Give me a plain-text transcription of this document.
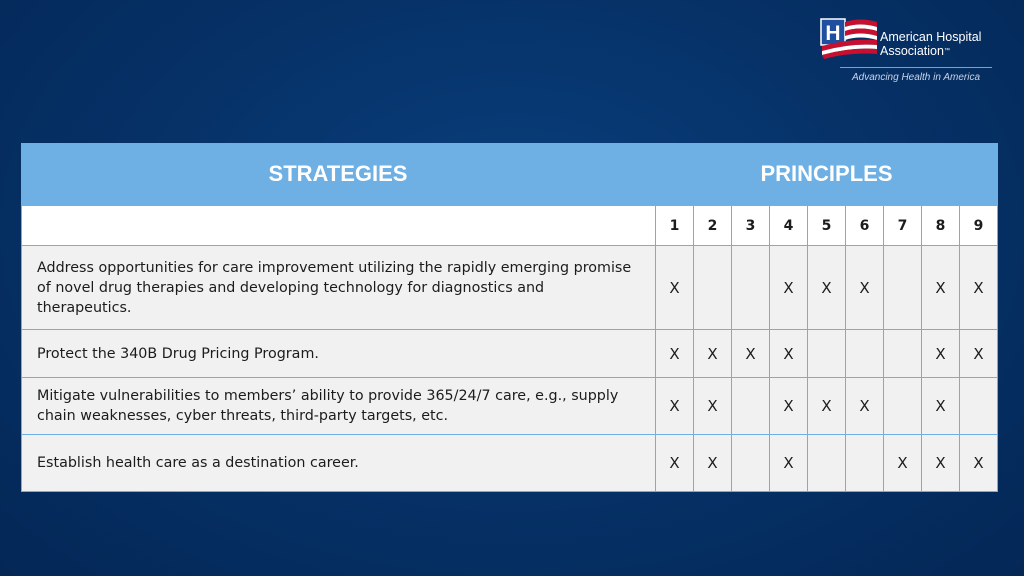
H	American Hospital
Association™
Advancing Health in America
STRATEGIES	PRINCIPLES
	1	2	3	4	5	6	7	8	9
Address opportunities for care improvement utilizing the rapidly emerging promise of novel drug therapies and developing technology for diagnostics and therapeutics.	X			X	X	X		X	X
Protect the 340B Drug Pricing Program.	X	X	X	X				X	X
Mitigate vulnerabilities to members’ ability to provide 365/24/7 care, e.g., supply chain weaknesses, cyber threats, third-party targets, etc.	X	X		X	X	X		X	
Establish health care as a destination career.	X	X		X			X	X	X
